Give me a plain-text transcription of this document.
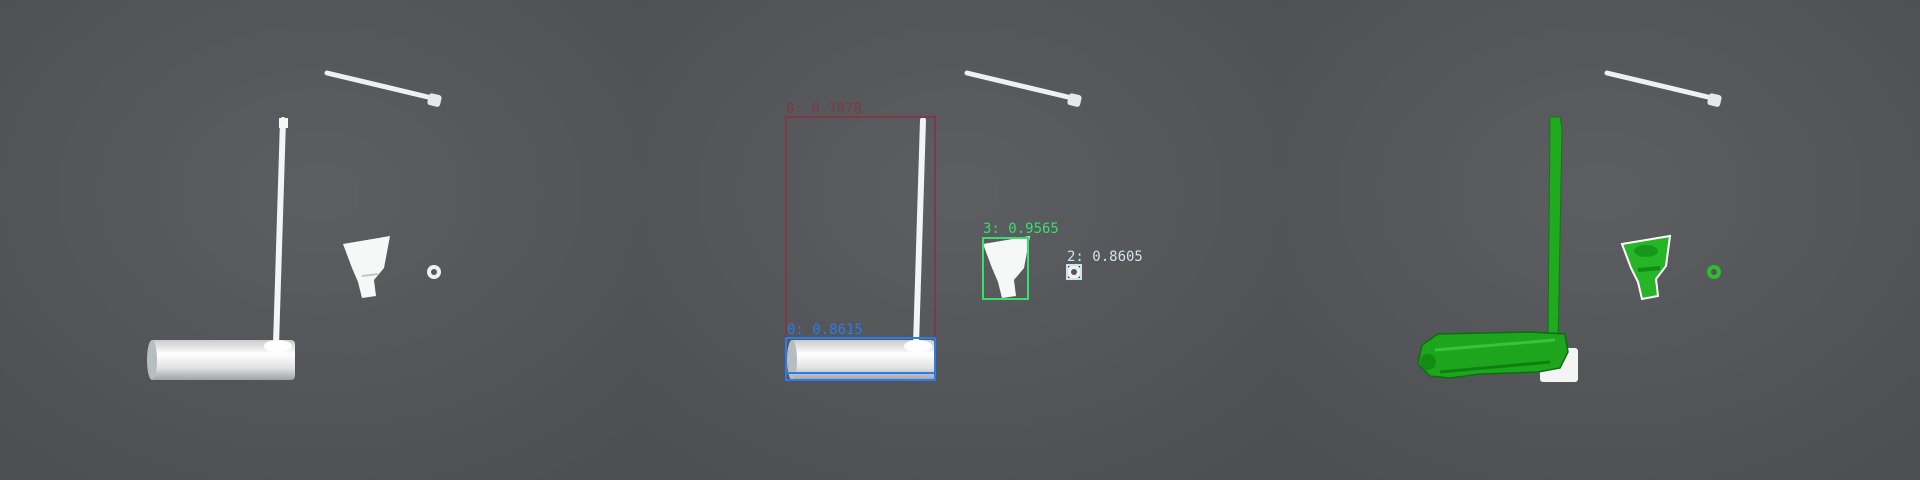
0: 0.7078
0: 0.8615
3: 0.9565
2: 0.8605
